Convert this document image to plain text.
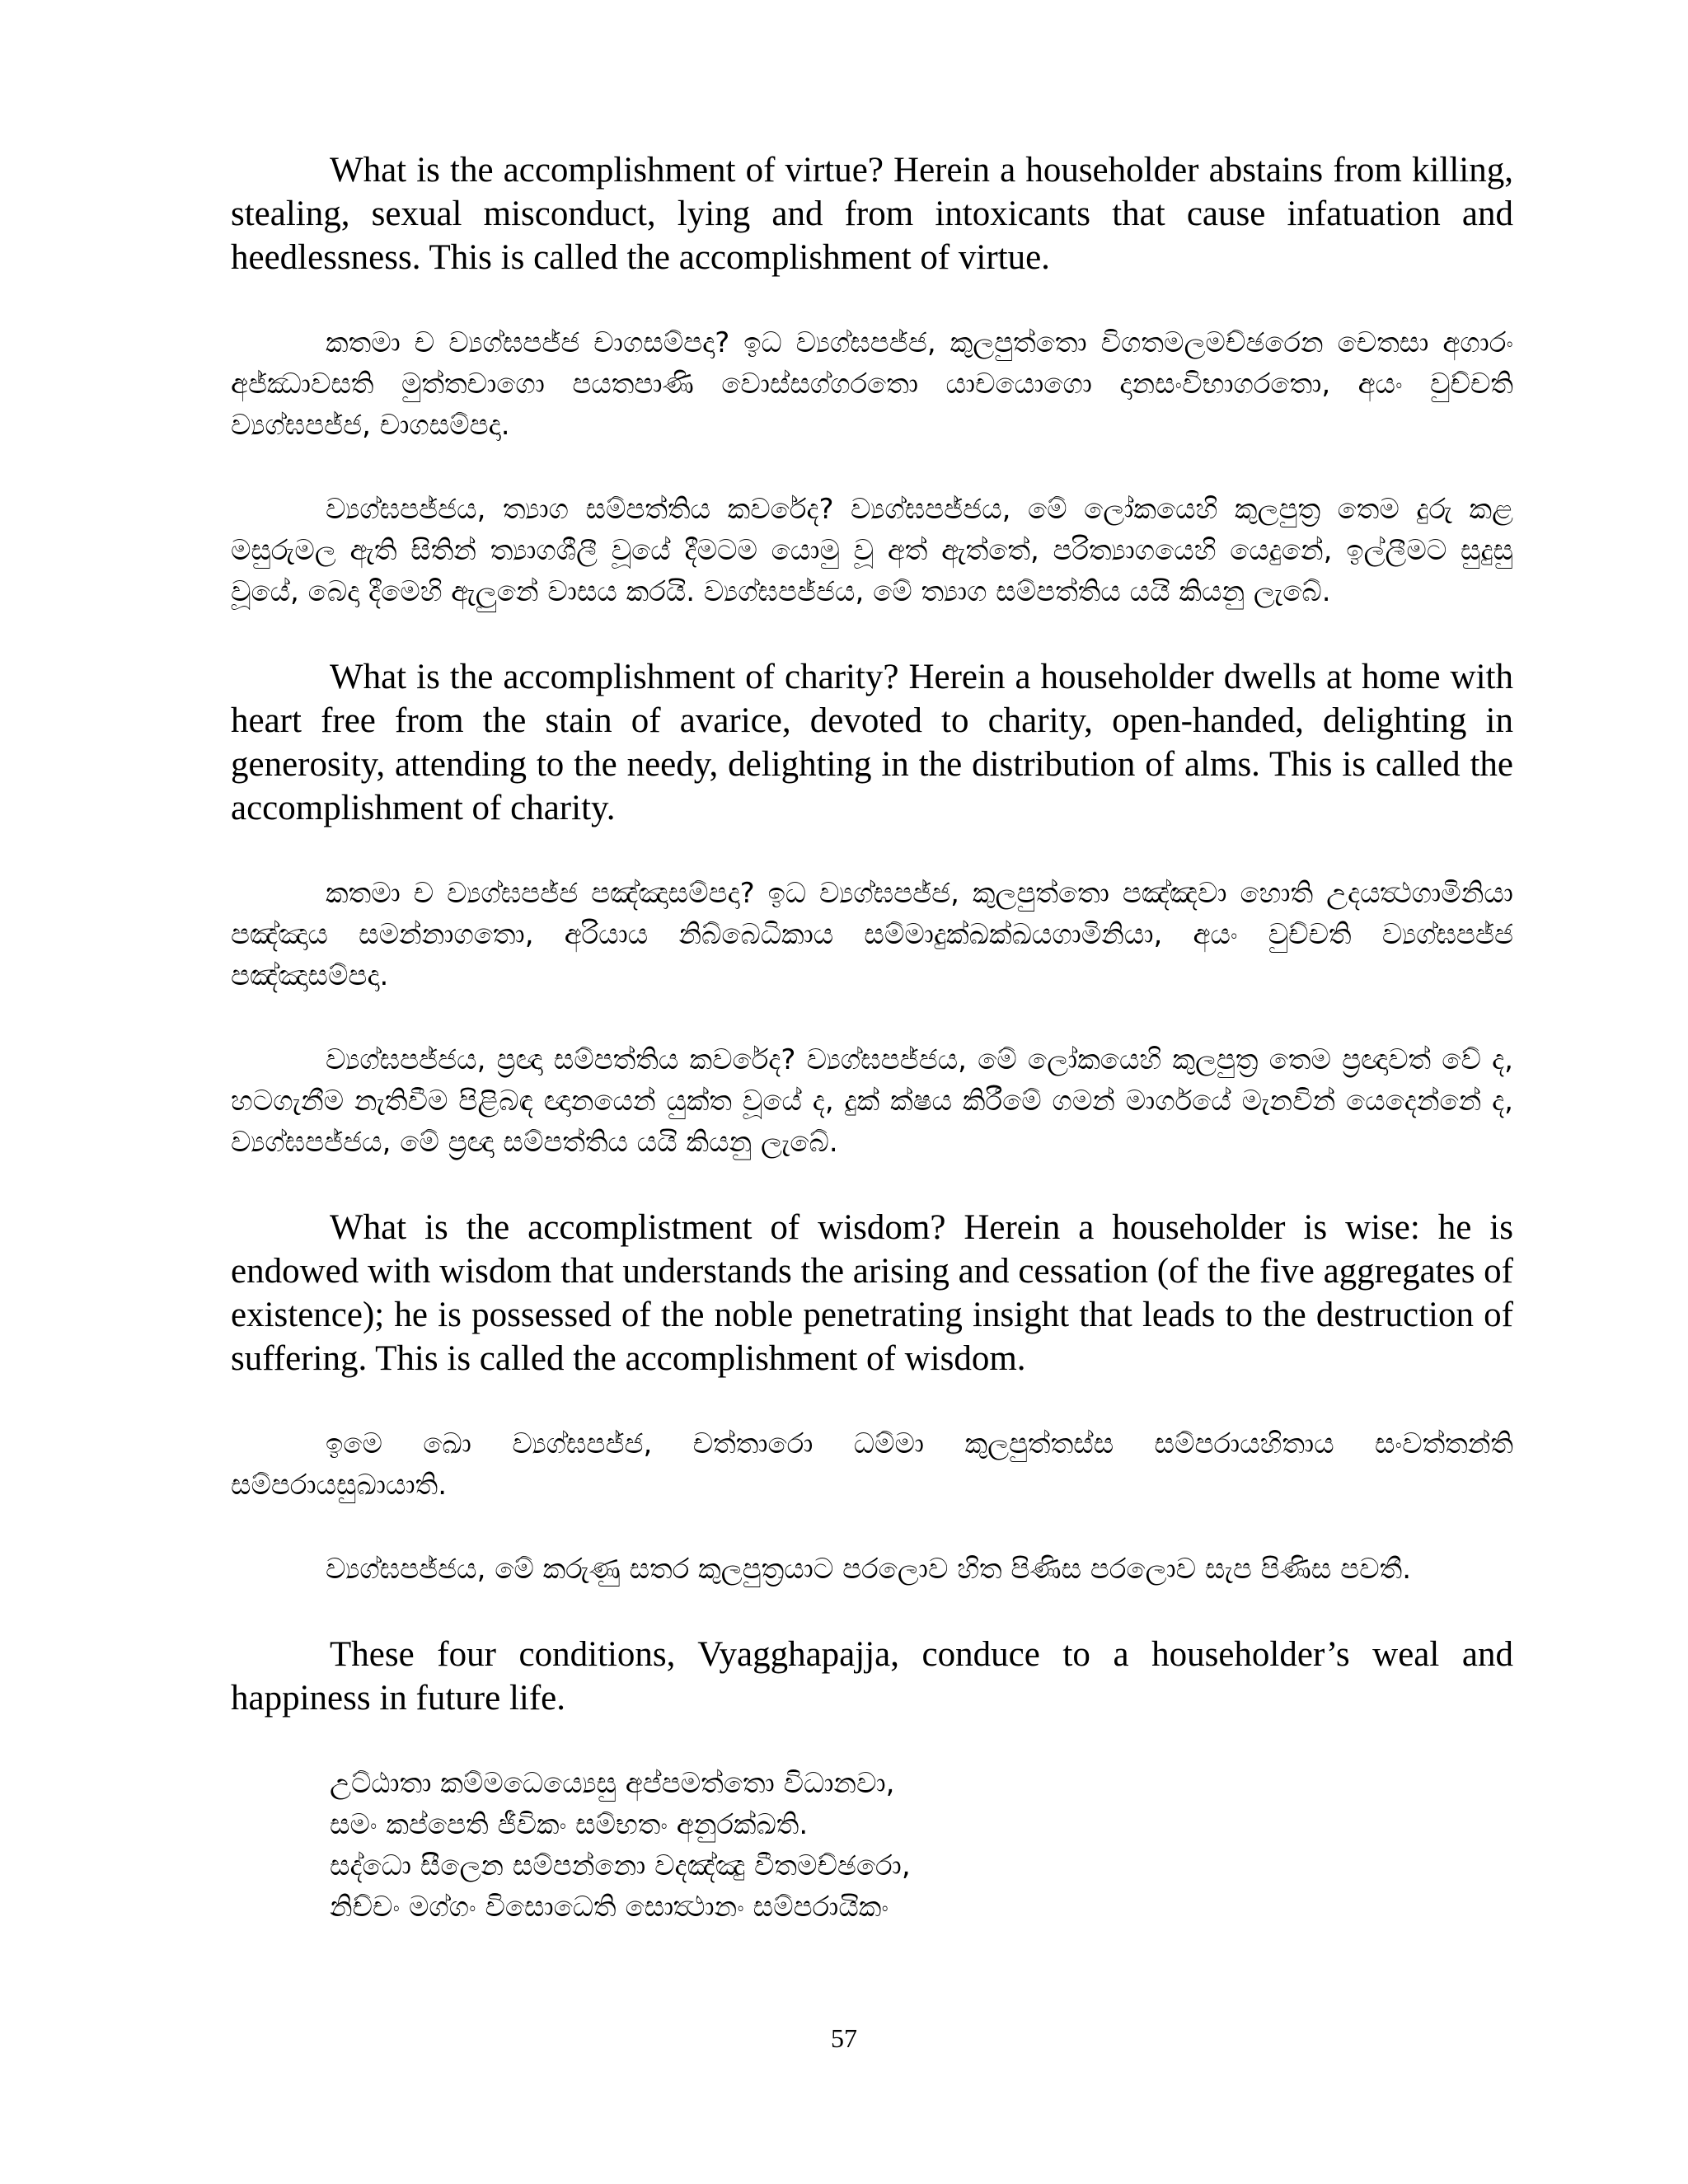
What is the accomplishment of virtue? Herein a householder abstains from killing, stealing, sexual misconduct, lying and from intoxicants that cause infatuation and heedlessness. This is called the accomplishment of virtue.

කතමා ච ව්‍යග්ඝපජ්ජ චාගසම්පදා? ඉධ ව්‍යග්ඝපජ්ජ, කුලපුත්තො විගතමලමච්ඡරෙන චෙතසා අගාරං අජ්ඣාවසති මුත්තචාගො පයතපාණි වොස්සග්ගරතො යාචයොගො දානසංවිභාගරතො, අයං වුච්චති ව්‍යග්ඝපජ්ජ, චාගසම්පදා.

ව්‍යග්ඝපජ්ජය, ත්‍යාග සම්පත්තිය කවරේද? ව්‍යග්ඝපජ්ජය, මේ ලෝකයෙහි කුලපුත්‍ර තෙම දුරු කළ මසුරුමල ඇති සිතින් ත්‍යාගශීලී වූයේ දීමටම යොමු වූ අත් ඇත්තේ, පරිත්‍යාගයෙහි යෙදුනේ, ඉල්ලීමට සුදුසු වූයේ, බෙදා දීමෙහි ඇලුනේ වාසය කරයි. ව්‍යග්ඝපජ්ජය, මේ ත්‍යාග සම්පත්තිය යයි කියනු ලැබේ.

What is the accomplishment of charity? Herein a householder dwells at home with heart free from the stain of avarice, devoted to charity, open-handed, delighting in generosity, attending to the needy, delighting in the distribution of alms. This is called the accomplishment of charity.

කතමා ච ව්‍යග්ඝපජ්ජ පඤ්ඤාසම්පදා? ඉධ ව්‍යග්ඝපජ්ජ, කුලපුත්තො පඤ්ඤවා හොති උදයත්‍ථගාමිනියා පඤ්ඤාය සමන්නාගතො, අරියාය නිබ්බෙධිකාය සම්මාදුක්ඛක්ඛයගාමිනියා, අයං වුච්චති ව්‍යග්ඝපජ්ජ පඤ්ඤාසම්පදා.

ව්‍යග්ඝපජ්ජය, ප්‍රඥා සම්පත්තිය කවරේද? ව්‍යග්ඝපජ්ජය, මේ ලෝකයෙහි කුලපුත්‍ර තෙම ප්‍රඥාවත් වේ ද, හටගැනීම නැතිවීම පිළිබඳ ඥානයෙන් යුක්ත වූයේ ද, දුක් ක්ෂය කිරීමේ ගමන් මාර්ගයේ මැනවින් යෙදෙන්නේ ද, ව්‍යග්ඝපජ්ජය, මේ ප්‍රඥා සම්පත්තිය යයි කියනු ලැබේ.

What is the accomplistment of wisdom? Herein a householder is wise: he is endowed with wisdom that understands the arising and cessation (of the five aggregates of existence); he is possessed of the noble penetrating insight that leads to the destruction of suffering. This is called the accomplishment of wisdom.

ඉමෙ ඛො ව්‍යග්ඝපජ්ජ, චත්තාරො ධම්මා කුලපුත්තස්ස සම්පරායහිතාය සංවත්තන්ති සම්පරායසුඛායාති.

ව්‍යග්ඝපජ්ජය, මේ කරුණු සතර කුලපුත්‍රයාට පරලොව හිත පිණිස පරලොව සැප පිණිස පවතී.

These four conditions, Vyagghapajja, conduce to a householder’s weal and happiness in future life.

උට්ඨාතා කම්මධෙය්‍යෙසු අප්පමත්තො විධානවා,
සමං කප්පෙති ජීවිකං සම්භතං අනුරක්ඛති.
සද්ධො සීලෙන සම්පන්නො වදඤ්ඤු වීතමච්ඡරො,
නිච්චං මග්ගං විසොධෙති සොත්‍ථානං සම්පරායිකං
57
